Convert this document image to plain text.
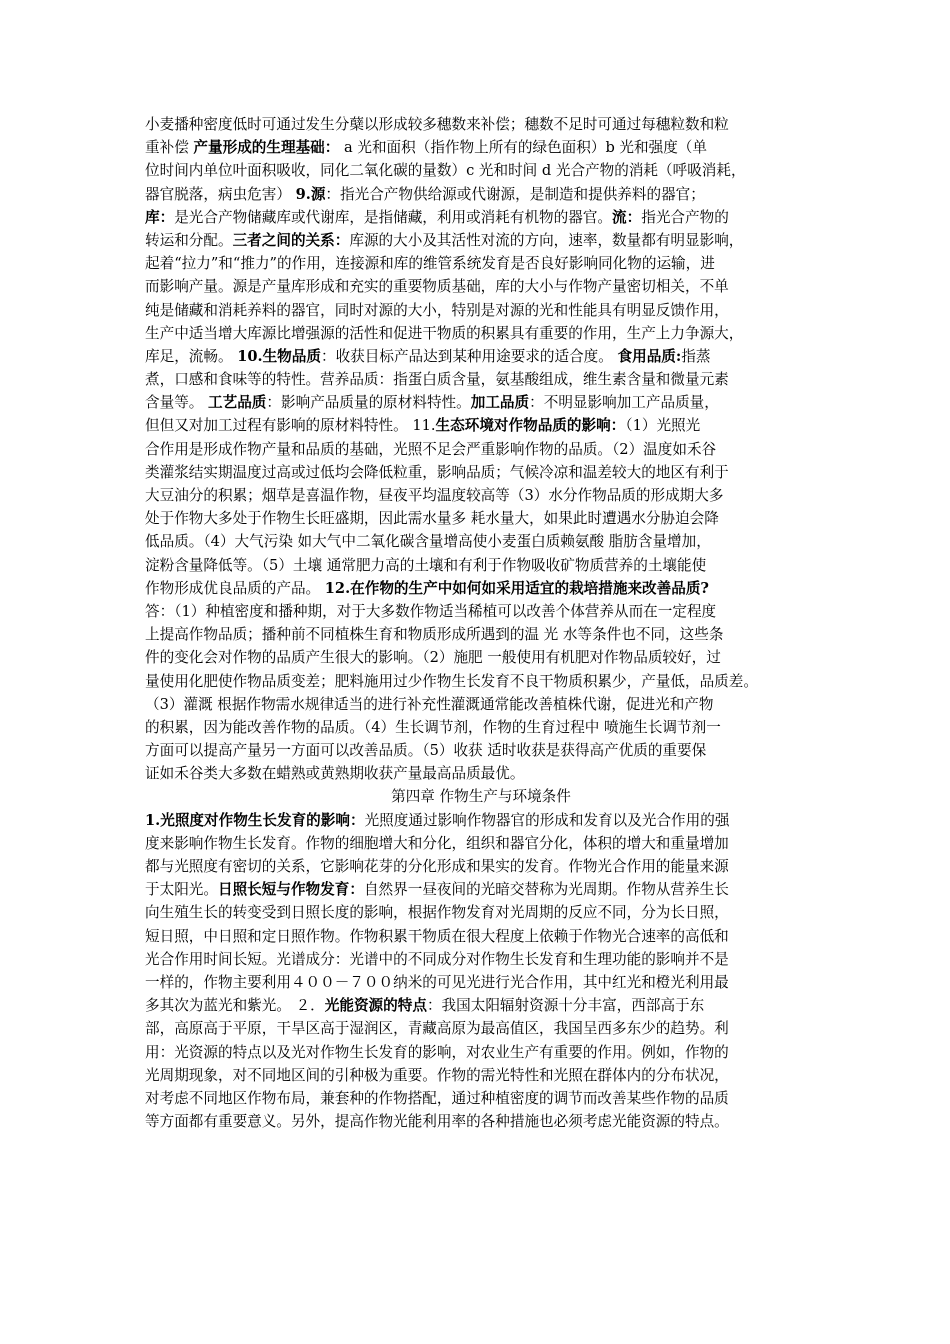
小麦播种密度低时可通过发生分蘖以形成较多穗数来补偿；穗数不足时可通过每穗粒数和粒
重补偿 产量形成的生理基础： a 光和面积（指作物上所有的绿色面积）b 光和强度（单
位时间内单位叶面积吸收，同化二氧化碳的量数）c 光和时间 d 光合产物的消耗（呼吸消耗，
器官脱落，病虫危害） 9.源：指光合产物供给源或代谢源，是制造和提供养料的器官；
库：是光合产物储藏库或代谢库，是指储藏，利用或消耗有机物的器官。流：指光合产物的
转运和分配。三者之间的关系：库源的大小及其活性对流的方向，速率，数量都有明显影响，
起着“拉力”和“推力”的作用，连接源和库的维管系统发育是否良好影响同化物的运输，进
而影响产量。源是产量库形成和充实的重要物质基础，库的大小与作物产量密切相关，不单
纯是储藏和消耗养料的器官，同时对源的大小，特别是对源的光和性能具有明显反馈作用，
生产中适当增大库源比增强源的活性和促进干物质的积累具有重要的作用，生产上力争源大，
库足，流畅。 10.生物品质：收获目标产品达到某种用途要求的适合度。 食用品质:指蒸
煮，口感和食味等的特性。营养品质：指蛋白质含量，氨基酸组成，维生素含量和微量元素
含量等。 工艺品质：影响产品质量的原材料特性。加工品质：不明显影响加工产品质量，
但但又对加工过程有影响的原材料特性。 11.生态环境对作物品质的影响：（1）光照光
合作用是形成作物产量和品质的基础，光照不足会严重影响作物的品质。（2）温度如禾谷
类灌浆结实期温度过高或过低均会降低粒重，影响品质；气候冷凉和温差较大的地区有利于
大豆油分的积累；烟草是喜温作物，昼夜平均温度较高等（3）水分作物品质的形成期大多
处于作物大多处于作物生长旺盛期，因此需水量多 耗水量大，如果此时遭遇水分胁迫会降
低品质。（4）大气污染 如大气中二氧化碳含量增高使小麦蛋白质赖氨酸 脂肪含量增加，
淀粉含量降低等。（5）土壤 通常肥力高的土壤和有利于作物吸收矿物质营养的土壤能使
作物形成优良品质的产品。 12.在作物的生产中如何如采用适宜的栽培措施来改善品质?
答：（1）种植密度和播种期，对于大多数作物适当稀植可以改善个体营养从而在一定程度
上提高作物品质；播种前不同植株生育和物质形成所遇到的温 光 水等条件也不同，这些条
件的变化会对作物的品质产生很大的影响。（2）施肥 一般使用有机肥对作物品质较好，过
量使用化肥使作物品质变差；肥料施用过少作物生长发育不良干物质积累少，产量低，品质差。
（3）灌溉 根据作物需水规律适当的进行补充性灌溉通常能改善植株代谢，促进光和产物
的积累，因为能改善作物的品质。（4）生长调节剂，作物的生育过程中 喷施生长调节剂一
方面可以提高产量另一方面可以改善品质。（5）收获 适时收获是获得高产优质的重要保
证如禾谷类大多数在蜡熟或黄熟期收获产量最高品质最优。
第四章 作物生产与环境条件
1.光照度对作物生长发育的影响：光照度通过影响作物器官的形成和发育以及光合作用的强
度来影响作物生长发育。作物的细胞增大和分化，组织和器官分化，体积的增大和重量增加
都与光照度有密切的关系，它影响花芽的分化形成和果实的发育。作物光合作用的能量来源
于太阳光。日照长短与作物发育：自然界一昼夜间的光暗交替称为光周期。作物从营养生长
向生殖生长的转变受到日照长度的影响，根据作物发育对光周期的反应不同，分为长日照，
短日照，中日照和定日照作物。作物积累干物质在很大程度上依赖于作物光合速率的高低和
光合作用时间长短。光谱成分：光谱中的不同成分对作物生长发育和生理功能的影响并不是
一样的，作物主要利用４００－７００纳米的可见光进行光合作用，其中红光和橙光利用最
多其次为蓝光和紫光。 ２．光能资源的特点：我国太阳辐射资源十分丰富，西部高于东
部，高原高于平原，干旱区高于湿润区，青藏高原为最高值区，我国呈西多东少的趋势。利
用：光资源的特点以及光对作物生长发育的影响，对农业生产有重要的作用。例如，作物的
光周期现象，对不同地区间的引种极为重要。作物的需光特性和光照在群体内的分布状况，
对考虑不同地区作物布局，兼套种的作物搭配，通过种植密度的调节而改善某些作物的品质
等方面都有重要意义。另外，提高作物光能利用率的各种措施也必须考虑光能资源的特点。
